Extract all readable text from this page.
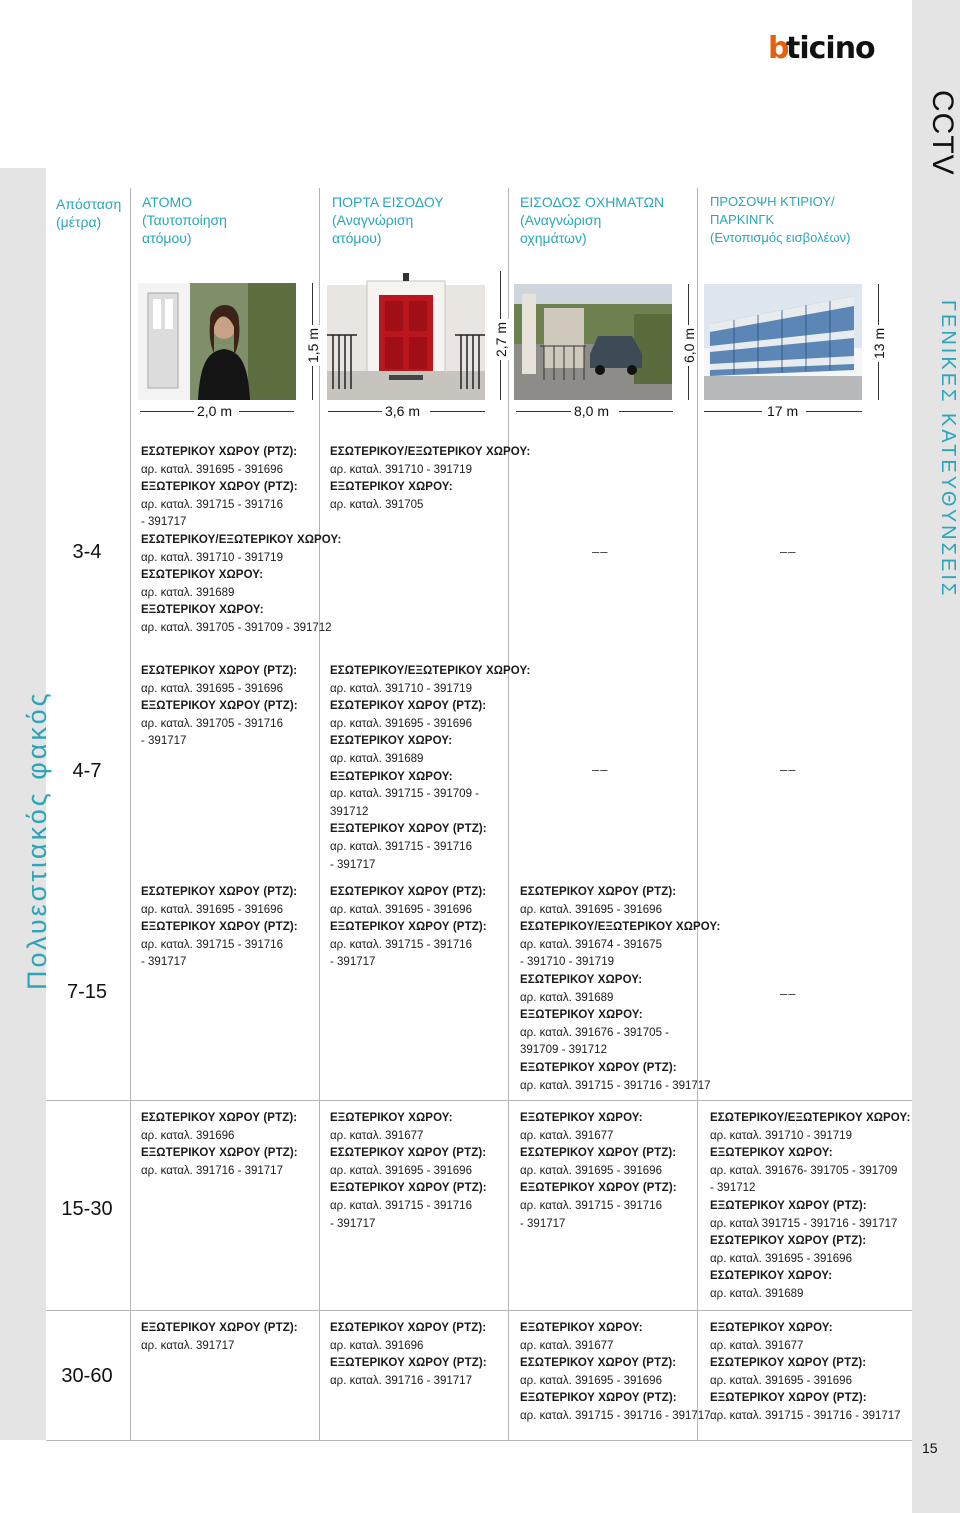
b
ticino
CCTV
ΓΕΝΙΚΕΣ ΚΑΤΕΥΘΥΝΣΕΙΣ
Πολυεστιακός φακός
Απόσταση
(μέτρα)
ΑΤΟΜΟ
(Ταυτοποίηση
ατόμου)
ΠΟΡΤΑ ΕΙΣΟΔΟΥ
(Αναγνώριση
ατόμου)
ΕΙΣΟΔΟΣ ΟΧΗΜΑΤΩΝ
(Αναγνώριση
οχημάτων)
ΠΡΟΣΟΨΗ ΚΤΙΡΙΟΥ/
ΠΑΡΚΙΝΓΚ
(Εντοπισμός εισβολέων)
2,0 m
1,5 m
3,6 m
2,7 m
8,0 m
6,0 m
17 m
13 m
3-4
4-7
7-15
15-30
30-60
ΕΣΩΤΕΡΙΚΟΥ ΧΩΡΟΥ (PTZ):
αρ. καταλ. 391695 - 391696
ΕΞΩΤΕΡΙΚΟΥ ΧΩΡΟΥ (PTZ):
αρ. καταλ. 391715 - 391716
- 391717
ΕΣΩΤΕΡΙΚΟΥ/ΕΞΩΤΕΡΙΚΟΥ ΧΩΡΟΥ:
αρ. καταλ. 391710 - 391719
ΕΣΩΤΕΡΙΚΟΥ ΧΩΡΟΥ:
αρ. καταλ. 391689
ΕΞΩΤΕΡΙΚΟΥ ΧΩΡΟΥ:
αρ. καταλ. 391705 - 391709 - 391712
ΕΣΩΤΕΡΙΚΟΥ/ΕΞΩΤΕΡΙΚΟΥ ΧΩΡΟΥ:
αρ. καταλ. 391710 - 391719
ΕΞΩΤΕΡΙΚΟΥ ΧΩΡΟΥ:
αρ. καταλ. 391705
ΕΣΩΤΕΡΙΚΟΥ ΧΩΡΟΥ (PTZ):
αρ. καταλ. 391695 - 391696
ΕΞΩΤΕΡΙΚΟΥ ΧΩΡΟΥ (PTZ):
αρ. καταλ. 391705 - 391716
- 391717
ΕΣΩΤΕΡΙΚΟΥ/ΕΞΩΤΕΡΙΚΟΥ ΧΩΡΟΥ:
αρ. καταλ. 391710 - 391719
ΕΣΩΤΕΡΙΚΟΥ ΧΩΡΟΥ (PTZ):
αρ. καταλ. 391695 - 391696
ΕΣΩΤΕΡΙΚΟΥ ΧΩΡΟΥ:
αρ. καταλ. 391689
ΕΞΩΤΕΡΙΚΟΥ ΧΩΡΟΥ:
αρ. καταλ. 391715 - 391709 -
391712
ΕΞΩΤΕΡΙΚΟΥ ΧΩΡΟΥ (PTZ):
αρ. καταλ. 391715 - 391716
- 391717
ΕΣΩΤΕΡΙΚΟΥ ΧΩΡΟΥ (PTZ):
αρ. καταλ. 391695 - 391696
ΕΞΩΤΕΡΙΚΟΥ ΧΩΡΟΥ (PTZ):
αρ. καταλ. 391715 - 391716
- 391717
ΕΣΩΤΕΡΙΚΟΥ ΧΩΡΟΥ (PTZ):
αρ. καταλ. 391695 - 391696
ΕΞΩΤΕΡΙΚΟΥ ΧΩΡΟΥ (PTZ):
αρ. καταλ. 391715 - 391716
- 391717
ΕΣΩΤΕΡΙΚΟΥ ΧΩΡΟΥ (PTZ):
αρ. καταλ. 391695 - 391696
ΕΣΩΤΕΡΙΚΟΥ/ΕΞΩΤΕΡΙΚΟΥ ΧΩΡΟΥ:
αρ. καταλ. 391674 - 391675
- 391710 - 391719
ΕΣΩΤΕΡΙΚΟΥ ΧΩΡΟΥ:
αρ. καταλ. 391689
ΕΞΩΤΕΡΙΚΟΥ ΧΩΡΟΥ:
αρ. καταλ. 391676 - 391705 -
391709 - 391712
ΕΞΩΤΕΡΙΚΟΥ ΧΩΡΟΥ (PTZ):
αρ. καταλ. 391715 - 391716 - 391717
ΕΣΩΤΕΡΙΚΟΥ ΧΩΡΟΥ (PTZ):
αρ. καταλ. 391696
ΕΞΩΤΕΡΙΚΟΥ ΧΩΡΟΥ (PTZ):
αρ. καταλ. 391716 - 391717
ΕΞΩΤΕΡΙΚΟΥ ΧΩΡΟΥ:
αρ. καταλ. 391677
ΕΣΩΤΕΡΙΚΟΥ ΧΩΡΟΥ (PTZ):
αρ. καταλ. 391695 - 391696
ΕΞΩΤΕΡΙΚΟΥ ΧΩΡΟΥ (PTZ):
αρ. καταλ. 391715 - 391716
- 391717
ΕΞΩΤΕΡΙΚΟΥ ΧΩΡΟΥ:
αρ. καταλ. 391677
ΕΣΩΤΕΡΙΚΟΥ ΧΩΡΟΥ (PTZ):
αρ. καταλ. 391695 - 391696
ΕΞΩΤΕΡΙΚΟΥ ΧΩΡΟΥ (PTZ):
αρ. καταλ. 391715 - 391716
- 391717
ΕΣΩΤΕΡΙΚΟΥ/ΕΞΩΤΕΡΙΚΟΥ ΧΩΡΟΥ:
αρ. καταλ. 391710 - 391719
ΕΞΩΤΕΡΙΚΟΥ ΧΩΡΟΥ:
αρ. καταλ. 391676- 391705 - 391709
- 391712
ΕΞΩΤΕΡΙΚΟΥ ΧΩΡΟΥ (PTZ):
αρ. καταλ 391715 - 391716 - 391717
ΕΣΩΤΕΡΙΚΟΥ ΧΩΡΟΥ (PTZ):
αρ. καταλ. 391695 - 391696
ΕΣΩΤΕΡΙΚΟΥ ΧΩΡΟΥ:
αρ. καταλ. 391689
ΕΞΩΤΕΡΙΚΟΥ ΧΩΡΟΥ (PTZ):
αρ. καταλ. 391717
ΕΣΩΤΕΡΙΚΟΥ ΧΩΡΟΥ (PTZ):
αρ. καταλ. 391696
ΕΞΩΤΕΡΙΚΟΥ ΧΩΡΟΥ (PTZ):
αρ. καταλ. 391716 - 391717
ΕΞΩΤΕΡΙΚΟΥ ΧΩΡΟΥ:
αρ. καταλ. 391677
ΕΣΩΤΕΡΙΚΟΥ ΧΩΡΟΥ (PTZ):
αρ. καταλ. 391695 - 391696
ΕΞΩΤΕΡΙΚΟΥ ΧΩΡΟΥ (PTZ):
αρ. καταλ. 391715 - 391716 - 391717
ΕΞΩΤΕΡΙΚΟΥ ΧΩΡΟΥ:
αρ. καταλ. 391677
ΕΣΩΤΕΡΙΚΟΥ ΧΩΡΟΥ (PTZ):
αρ. καταλ. 391695 - 391696
ΕΞΩΤΕΡΙΚΟΥ ΧΩΡΟΥ (PTZ):
αρ. καταλ. 391715 - 391716 - 391717
––	––
––	––
––
15
